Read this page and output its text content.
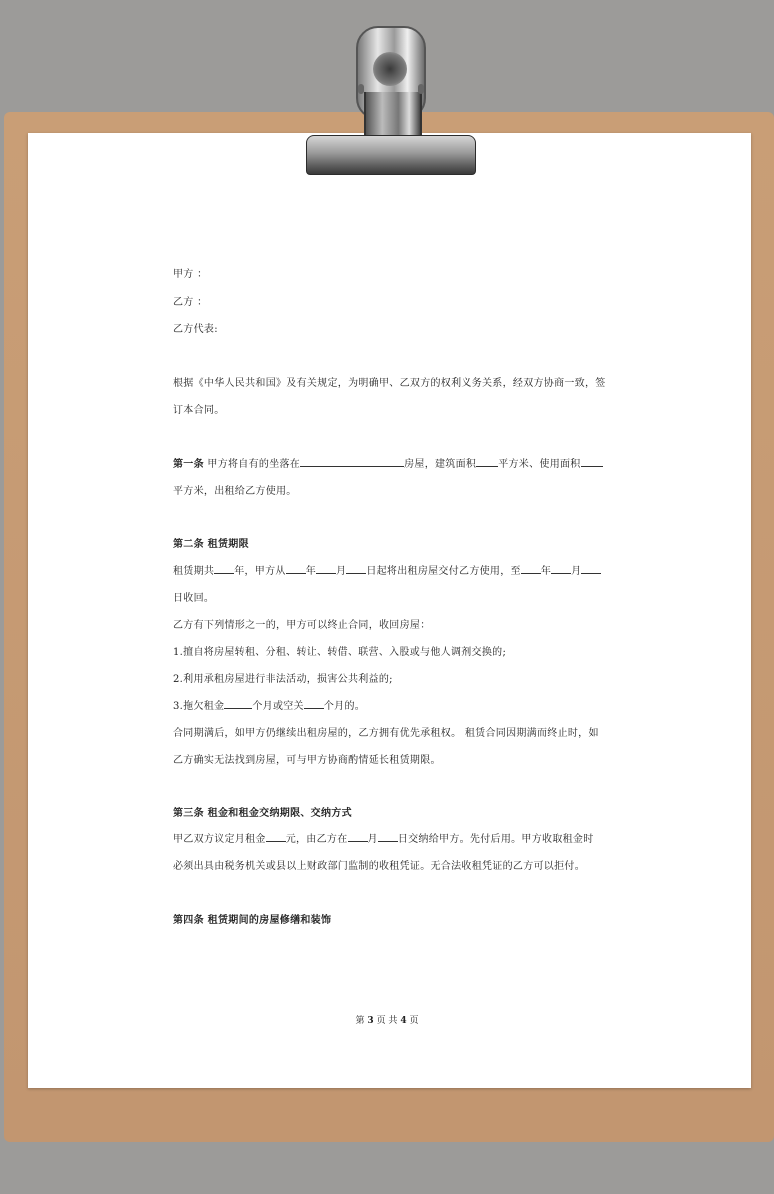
甲方 ：
乙方 ：
乙方代表:
根据《中华人民共和国》及有关规定，为明确甲、乙双方的权利义务关系，经双方协商一致，签
订本合同。
第一条 甲方将自有的坐落在	房屋，建筑面积 平方米、使用面积
平方米，出租给乙方使用。
第二条 租赁期限
租赁期共 年，甲方从 年 月 日起将出租房屋交付乙方使用，至 年 月
日收回。
乙方有下列情形之一的，甲方可以终止合同，收回房屋：
1.擅自将房屋转租、分租、转让、转借、联营、入股或与他人调剂交换的;
2.利用承租房屋进行非法活动，损害公共利益的;
3.拖欠租金	个月或空关 个月的。
合同期满后，如甲方仍继续出租房屋的，乙方拥有优先承租权。 租赁合同因期满而终止时，如
乙方确实无法找到房屋，可与甲方协商酌情延长租赁期限。
第三条 租金和租金交纳期限、交纳方式
甲乙双方议定月租金 元，由乙方在 月 日交纳给甲方。先付后用。甲方收取租金时
必须出具由税务机关或县以上财政部门监制的收租凭证。无合法收租凭证的乙方可以拒付。
第四条 租赁期间的房屋修缮和装饰
第 3 页 共 4 页
